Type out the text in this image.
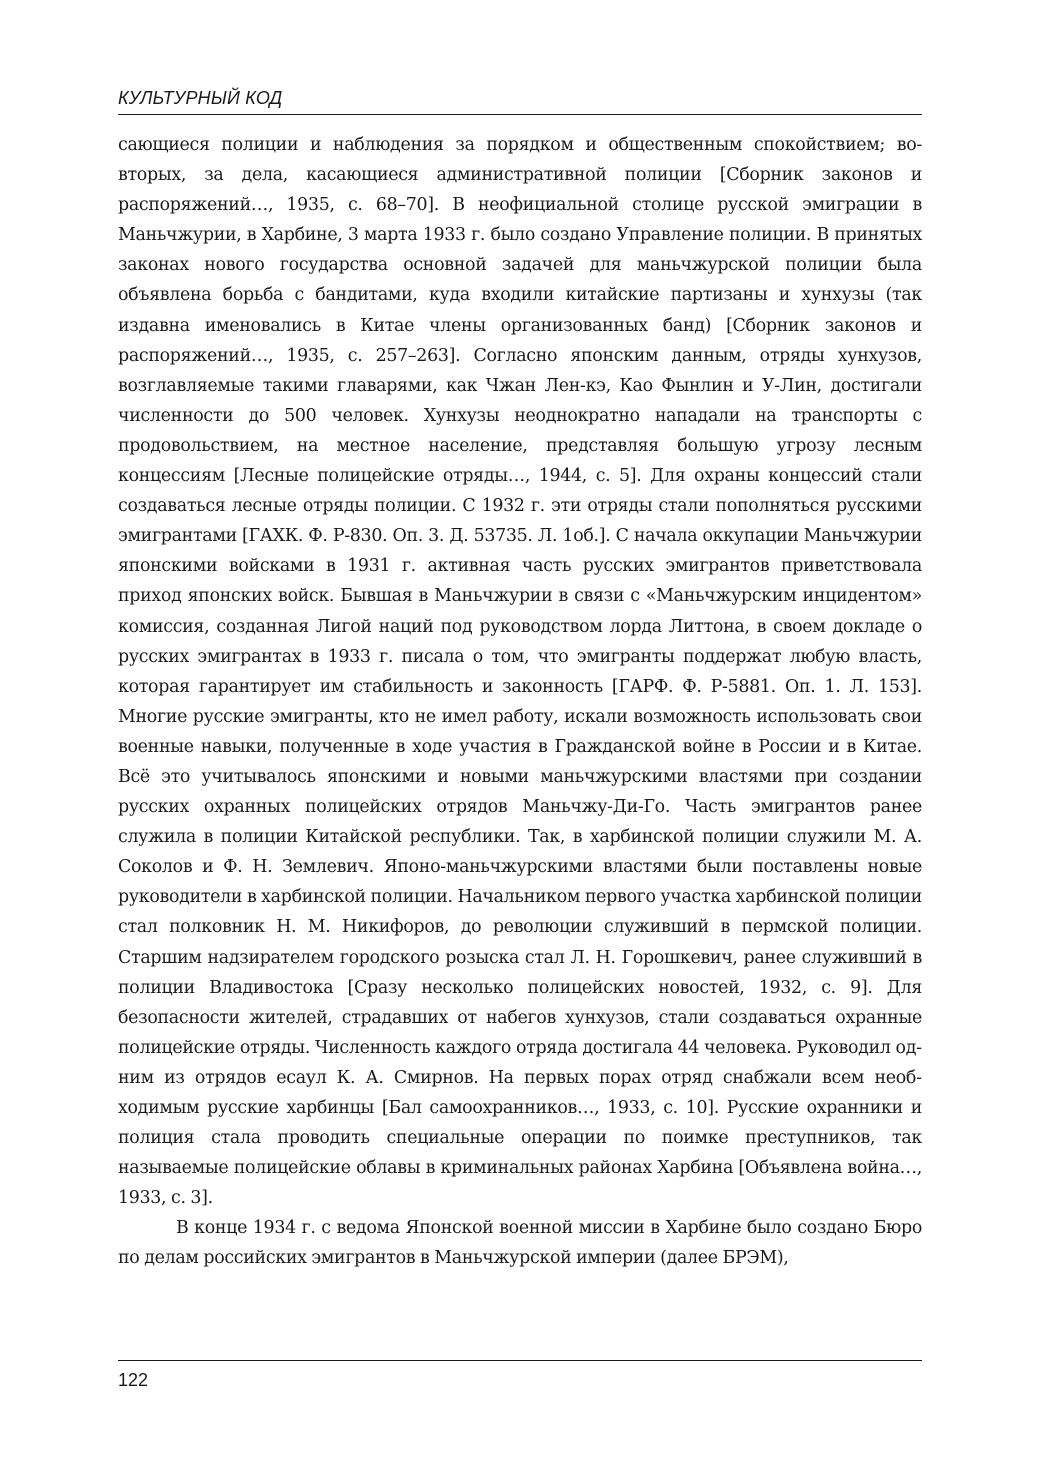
КУЛЬТУРНЫЙ КОД

сающиеся полиции и наблюдения за порядком и общественным спокойствием; во-вторых, за дела, касающиеся административной полиции [Сборник законов и распоряжений…, 1935, с. 68–70]. В неофициальной столице русской эмиграции в Маньчжурии, в Харбине, 3 марта 1933 г. было создано Управление полиции. В принятых законах нового государства основной задачей для маньчжурской полиции была объявлена борьба с бандитами, куда входили китайские партизаны и хунхузы (так издавна именовались в Китае члены организованных банд) [Сборник законов и распоряжений…, 1935, с. 257–263]. Согласно японским данным, отряды хунхузов, возглавляемые такими главарями, как Чжан Лен-кэ, Као Фынлин и У-Лин, достигали численности до 500 человек. Хунхузы неоднократно нападали на транспорты с продовольствием, на местное население, представляя большую угрозу лесным концессиям [Лесные полицейские отряды…, 1944, с. 5]. Для охраны концессий стали создаваться лесные отряды полиции. С 1932 г. эти отряды стали пополняться русскими эмигрантами [ГАХК. Ф. Р-830. Оп. 3. Д. 53735. Л. 1об.]. С начала оккупации Маньчжурии японскими войсками в 1931 г. активная часть русских эмигрантов приветствовала приход японских войск. Бывшая в Маньчжурии в связи с «Маньчжурским инцидентом» комиссия, созданная Лигой наций под руководством лорда Литтона, в своем докладе о русских эмигрантах в 1933 г. писала о том, что эмигранты поддержат любую власть, которая гарантирует им стабильность и законность [ГАРФ. Ф. Р-5881. Оп. 1. Л. 153]. Многие русские эмигранты, кто не имел работу, искали возможность использовать свои военные навыки, полученные в ходе участия в Гражданской войне в России и в Китае. Всё это учитывалось японскими и новыми маньчжурскими властями при создании русских охранных полицейских отрядов Маньчжу-Ди-Го. Часть эмигрантов ранее служила в полиции Китайской республики. Так, в харбинской полиции служили М. А. Соколов и Ф. Н. Землевич. Японо-маньчжурскими властями были поставлены новые руководители в харбинской полиции. Начальником первого участка харбинской полиции стал полковник Н. М. Никифоров, до революции служивший в пермской полиции. Старшим надзирателем городского розыска стал Л. Н. Горошкевич, ранее служивший в полиции Владивостока [Сразу несколько полицейских новостей, 1932, с. 9]. Для безопасности жителей, страдавших от набегов хунхузов, стали создаваться охранные полицейские отряды. Численность каждого отряда достигала 44 человека. Руководил одним из отрядов есаул К. А. Смирнов. На первых порах отряд снабжали всем необходимым русские харбинцы [Бал самоохранников…, 1933, с. 10]. Русские охранники и полиция стала проводить специальные операции по поимке преступников, так называемые полицейские облавы в криминальных районах Харбина [Объявлена война…, 1933, с. 3].

В конце 1934 г. с ведома Японской военной миссии в Харбине было создано Бюро по делам российских эмигрантов в Маньчжурской империи (далее БРЭМ),

122
